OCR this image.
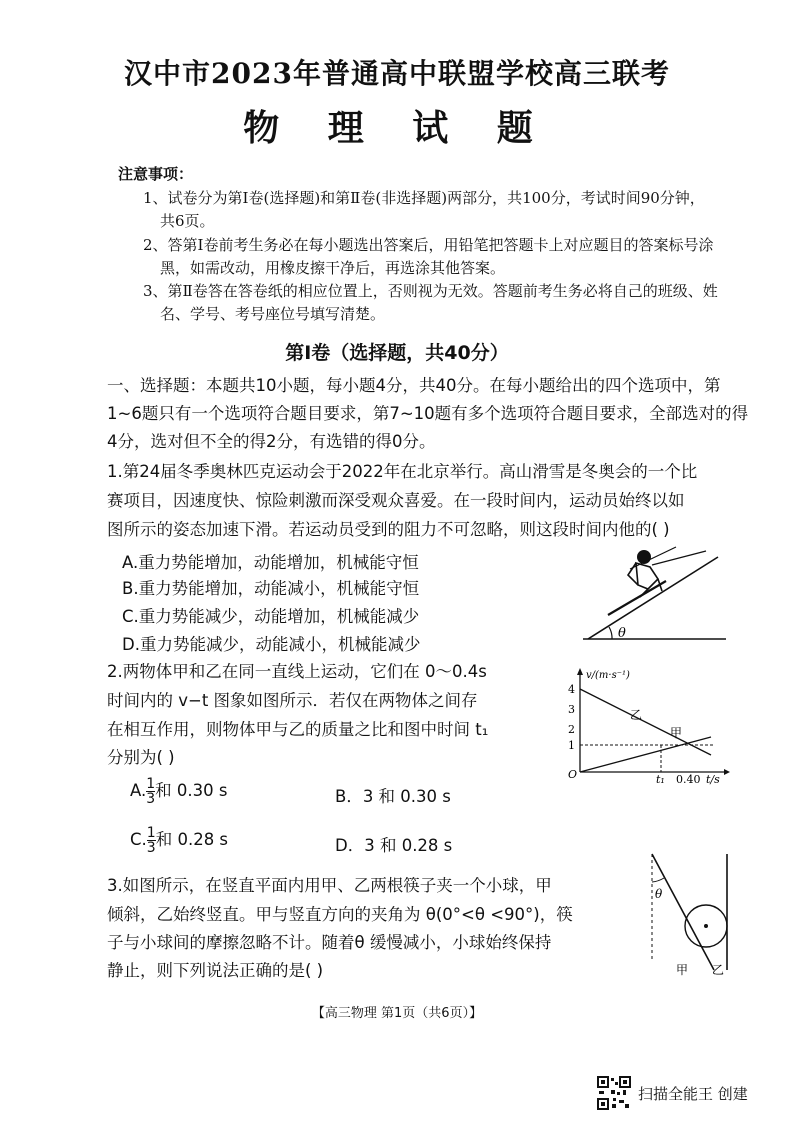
汉中市2023年普通高中联盟学校高三联考
物 理 试 题
注意事项：
1、试卷分为第Ⅰ卷(选择题)和第Ⅱ卷(非选择题)两部分，共100分，考试时间90分钟，
共6页。
2、答第Ⅰ卷前考生务必在每小题选出答案后，用铅笔把答题卡上对应题目的答案标号涂
黑，如需改动，用橡皮擦干净后，再选涂其他答案。
3、第Ⅱ卷答在答卷纸的相应位置上，否则视为无效。答题前考生务必将自己的班级、姓
名、学号、考号座位号填写清楚。
第Ⅰ卷（选择题，共40分）
一、选择题：本题共10小题，每小题4分，共40分。在每小题给出的四个选项中，第
1~6题只有一个选项符合题目要求，第7~10题有多个选项符合题目要求，全部选对的得
4分，选对但不全的得2分，有选错的得0分。
1.第24届冬季奥林匹克运动会于2022年在北京举行。高山滑雪是冬奥会的一个比
赛项目，因速度快、惊险刺激而深受观众喜爱。在一段时间内，运动员始终以如
图所示的姿态加速下滑。若运动员受到的阻力不可忽略，则这段时间内他的( )
A.重力势能增加，动能增加，机械能守恒
B.重力势能增加，动能减小，机械能守恒
C.重力势能减少，动能增加，机械能减少
D.重力势能减少，动能减小，机械能减少
θ
2.两物体甲和乙在同一直线上运动，它们在 0～0.4s
时间内的 v−t 图象如图所示．若仅在两物体之间存
在相互作用，则物体甲与乙的质量之比和图中时间 t₁
分别为( )
A. $\frac{1}{3}$ 和 0.30 s	B．3 和 0.30 s
C. $\frac{1}{3}$ 和 0.28 s	D．3 和 0.28 s
v/(m·s⁻¹)
4
3
2
1
O
乙
甲
t₁ 0.40 t/s
3.如图所示，在竖直平面内用甲、乙两根筷子夹一个小球，甲
倾斜，乙始终竖直。甲与竖直方向的夹角为 θ(0°<θ <90°)，筷
子与小球间的摩擦忽略不计。随着θ 缓慢减小，小球始终保持
静止，则下列说法正确的是( )
θ
甲 乙
【高三物理 第1页（共6页）】
扫描全能王 创建
